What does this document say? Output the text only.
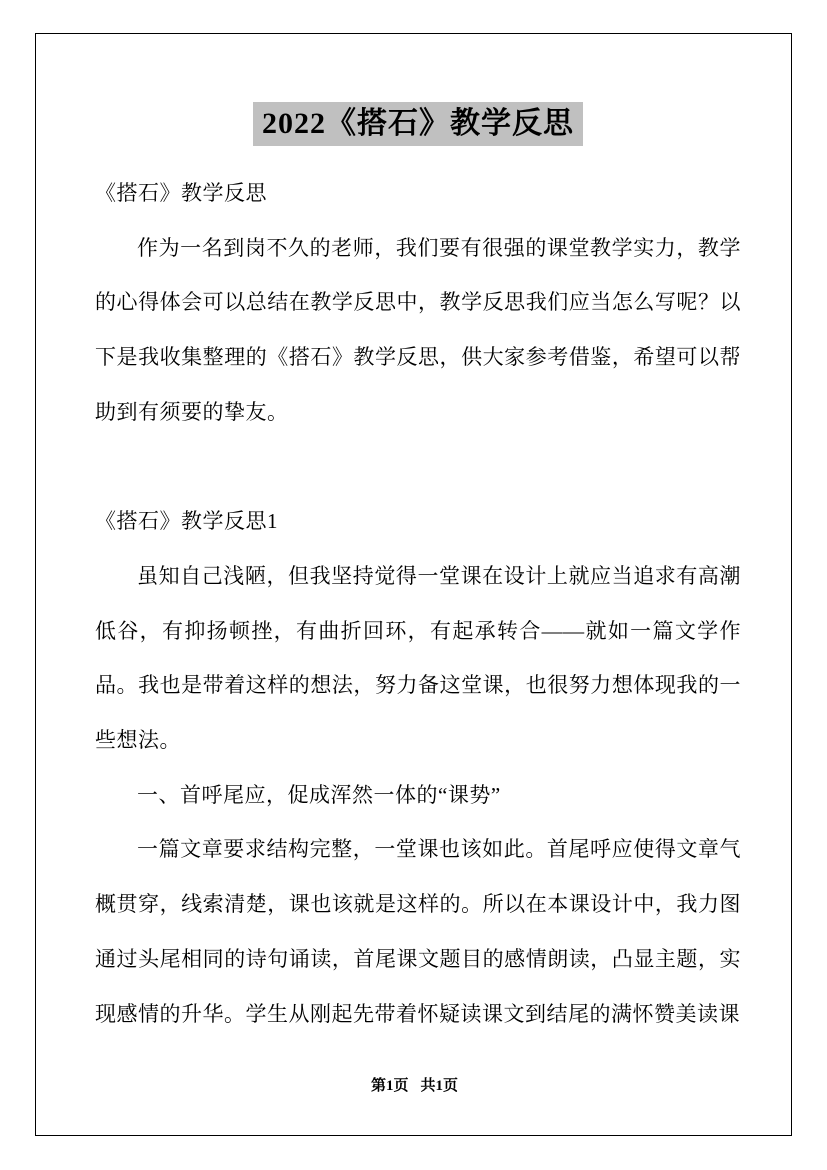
2022《搭石》教学反思

《搭石》教学反思

作为一名到岗不久的老师，我们要有很强的课堂教学实力，教学的心得体会可以总结在教学反思中，教学反思我们应当怎么写呢？以下是我收集整理的《搭石》教学反思，供大家参考借鉴，希望可以帮助到有须要的挚友。

《搭石》教学反思1

虽知自己浅陋，但我坚持觉得一堂课在设计上就应当追求有高潮低谷，有抑扬顿挫，有曲折回环，有起承转合——就如一篇文学作品。我也是带着这样的想法，努力备这堂课，也很努力想体现我的一些想法。

一、首呼尾应，促成浑然一体的“课势”

一篇文章要求结构完整，一堂课也该如此。首尾呼应使得文章气概贯穿，线索清楚，课也该就是这样的。所以在本课设计中，我力图通过头尾相同的诗句诵读，首尾课文题目的感情朗读，凸显主题，实现感情的升华。学生从刚起先带着怀疑读课文到结尾的满怀赞美读课

第1页 共1页
